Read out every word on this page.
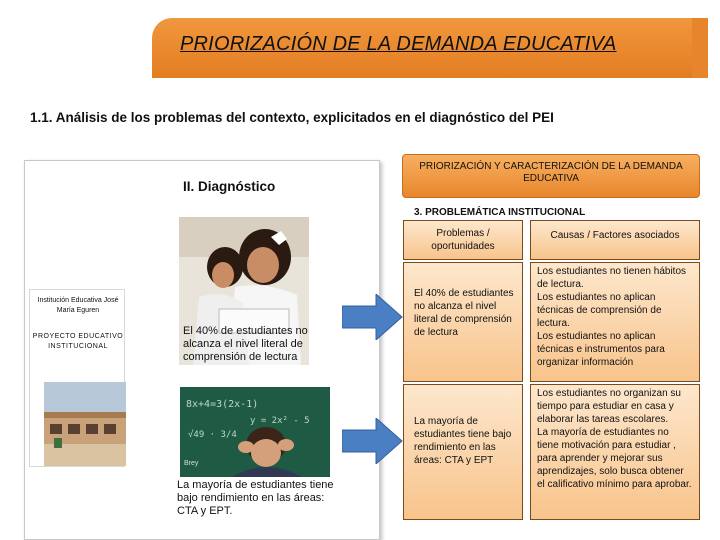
PRIORIZACIÓN DE LA DEMANDA EDUCATIVA
1.1. Análisis de los problemas del contexto, explicitados en el diagnóstico del PEI
II. Diagnóstico
Institución Educativa José María Eguren
PROYECTO EDUCATIVO INSTITUCIONAL
El 40% de estudiantes no alcanza el nivel literal de comprensión de lectura
8x+4=3(2x-1)
y = 2x² - 5
√49 · 3/4
Brey
La mayoría de estudiantes tiene bajo rendimiento en las áreas: CTA y EPT.
PRIORIZACIÓN Y CARACTERIZACIÓN DE LA DEMANDA EDUCATIVA
3. PROBLEMÁTICA INSTITUCIONAL
Problemas / oportunidades
Causas / Factores asociados
El 40% de estudiantes no alcanza el nivel literal de comprensión de lectura
Los estudiantes no tienen hábitos de lectura.
Los estudiantes no aplican técnicas de comprensión de lectura.
Los estudiantes no aplican técnicas e instrumentos para organizar información
La mayoría de estudiantes tiene bajo rendimiento en las áreas: CTA y EPT
Los estudiantes no organizan su tiempo para estudiar en casa y elaborar las tareas escolares.
La mayoría de estudiantes no tiene motivación para estudiar , para aprender y mejorar sus aprendizajes, solo busca obtener el calificativo mínimo para aprobar.
